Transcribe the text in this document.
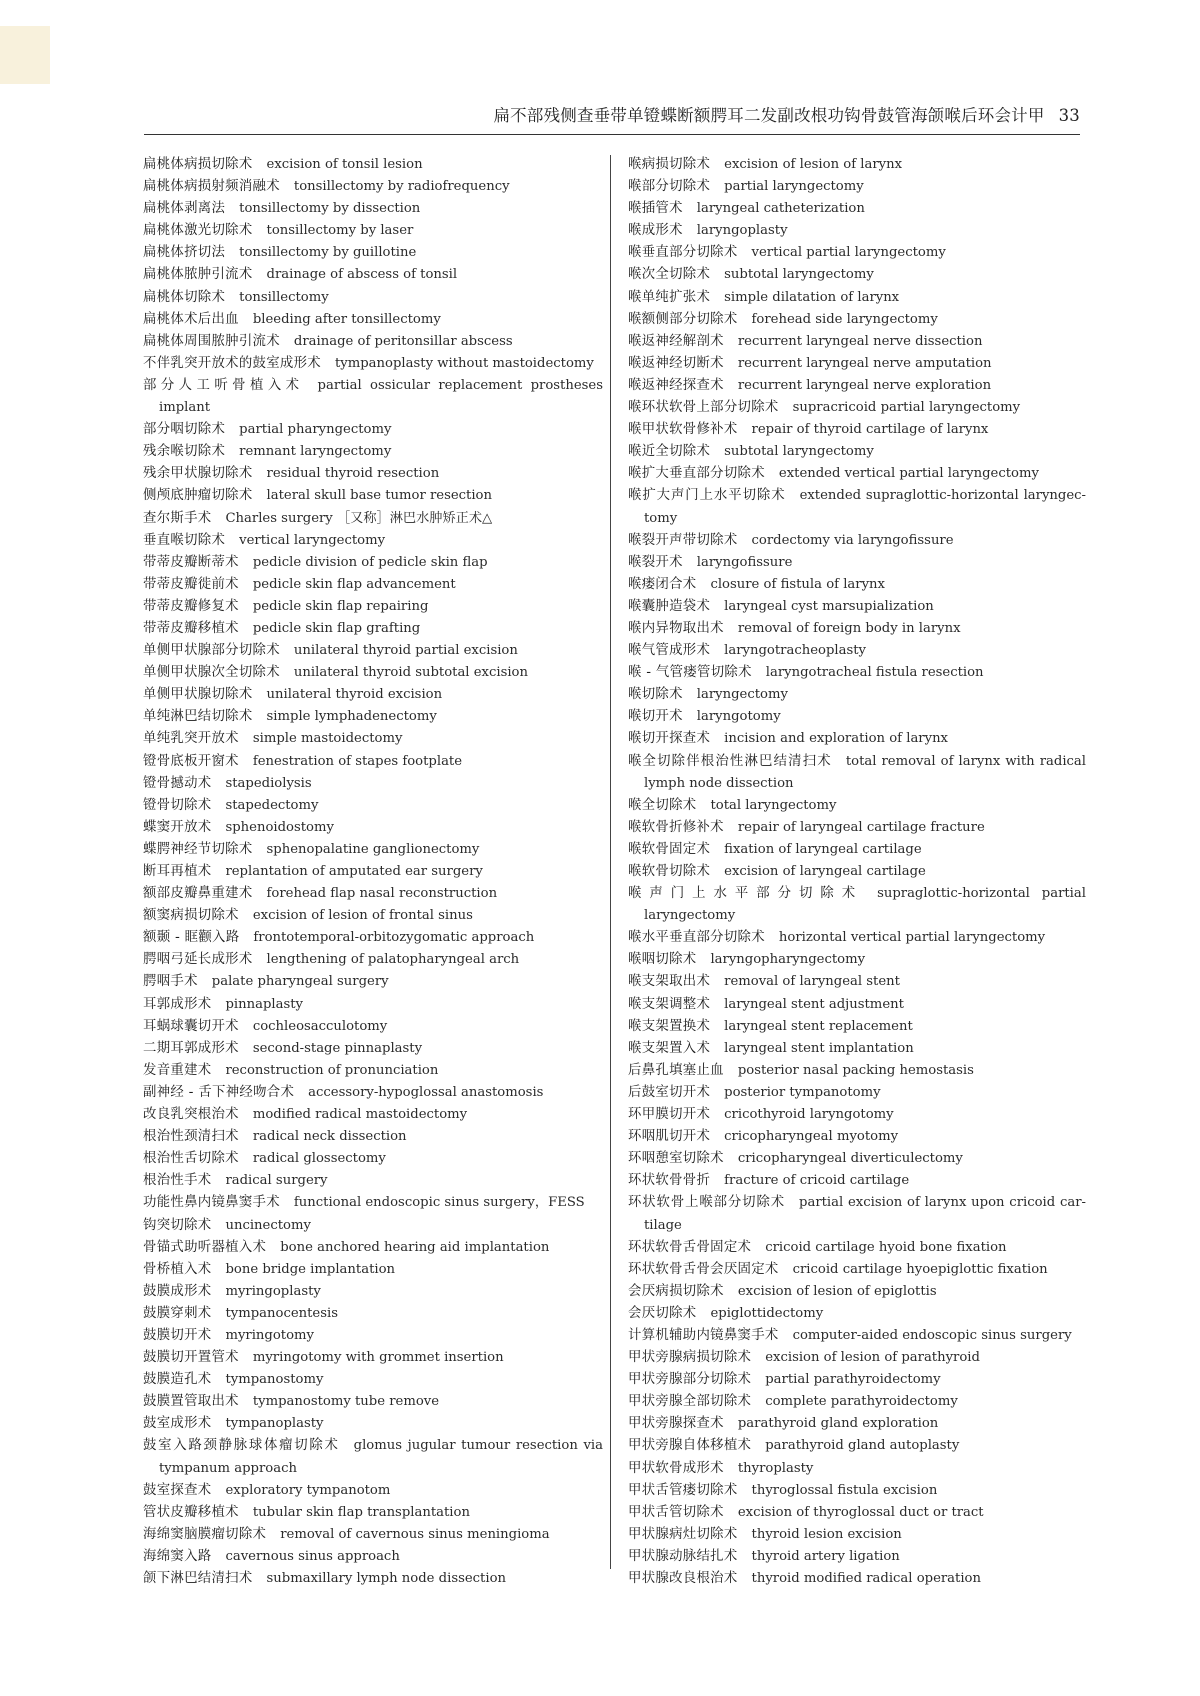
扁不部残侧查垂带单镫蝶断额腭耳二发副改根功钩骨鼓管海颌喉后环会计甲 33
扁桃体病损切除术 excision of tonsil lesion
扁桃体病损射频消融术 tonsillectomy by radiofrequency
扁桃体剥离法 tonsillectomy by dissection
扁桃体激光切除术 tonsillectomy by laser
扁桃体挤切法 tonsillectomy by guillotine
扁桃体脓肿引流术 drainage of abscess of tonsil
扁桃体切除术 tonsillectomy
扁桃体术后出血 bleeding after tonsillectomy
扁桃体周围脓肿引流术 drainage of peritonsillar abscess
不伴乳突开放术的鼓室成形术 tympanoplasty without mastoidectomy
部分人工听骨植入术 partial ossicular replacement prostheses implant
部分咽切除术 partial pharyngectomy
残余喉切除术 remnant laryngectomy
残余甲状腺切除术 residual thyroid resection
侧颅底肿瘤切除术 lateral skull base tumor resection
查尔斯手术 Charles surgery ［又称］淋巴水肿矫正术△
垂直喉切除术 vertical laryngectomy
带蒂皮瓣断蒂术 pedicle division of pedicle skin flap
带蒂皮瓣徙前术 pedicle skin flap advancement
带蒂皮瓣修复术 pedicle skin flap repairing
带蒂皮瓣移植术 pedicle skin flap grafting
单侧甲状腺部分切除术 unilateral thyroid partial excision
单侧甲状腺次全切除术 unilateral thyroid subtotal excision
单侧甲状腺切除术 unilateral thyroid excision
单纯淋巴结切除术 simple lymphadenectomy
单纯乳突开放术 simple mastoidectomy
镫骨底板开窗术 fenestration of stapes footplate
镫骨撼动术 stapediolysis
镫骨切除术 stapedectomy
蝶窦开放术 sphenoidostomy
蝶腭神经节切除术 sphenopalatine ganglionectomy
断耳再植术 replantation of amputated ear surgery
额部皮瓣鼻重建术 forehead flap nasal reconstruction
额窦病损切除术 excision of lesion of frontal sinus
额颞 - 眶颧入路 frontotemporal-orbitozygomatic approach
腭咽弓延长成形术 lengthening of palatopharyngeal arch
腭咽手术 palate pharyngeal surgery
耳郭成形术 pinnaplasty
耳蜗球囊切开术 cochleosacculotomy
二期耳郭成形术 second-stage pinnaplasty
发音重建术 reconstruction of pronunciation
副神经 - 舌下神经吻合术 accessory-hypoglossal anastomosis
改良乳突根治术 modified radical mastoidectomy
根治性颈清扫术 radical neck dissection
根治性舌切除术 radical glossectomy
根治性手术 radical surgery
功能性鼻内镜鼻窦手术 functional endoscopic sinus surgery，FESS
钩突切除术 uncinectomy
骨锚式助听器植入术 bone anchored hearing aid implantation
骨桥植入术 bone bridge implantation
鼓膜成形术 myringoplasty
鼓膜穿刺术 tympanocentesis
鼓膜切开术 myringotomy
鼓膜切开置管术 myringotomy with grommet insertion
鼓膜造孔术 tympanostomy
鼓膜置管取出术 tympanostomy tube remove
鼓室成形术 tympanoplasty
鼓室入路颈静脉球体瘤切除术 glomus jugular tumour resection via tympanum approach
鼓室探查术 exploratory tympanotom
管状皮瓣移植术 tubular skin flap transplantation
海绵窦脑膜瘤切除术 removal of cavernous sinus meningioma
海绵窦入路 cavernous sinus approach
颌下淋巴结清扫术 submaxillary lymph node dissection
喉病损切除术 excision of lesion of larynx
喉部分切除术 partial laryngectomy
喉插管术 laryngeal catheterization
喉成形术 laryngoplasty
喉垂直部分切除术 vertical partial laryngectomy
喉次全切除术 subtotal laryngectomy
喉单纯扩张术 simple dilatation of larynx
喉额侧部分切除术 forehead side laryngectomy
喉返神经解剖术 recurrent laryngeal nerve dissection
喉返神经切断术 recurrent laryngeal nerve amputation
喉返神经探查术 recurrent laryngeal nerve exploration
喉环状软骨上部分切除术 supracricoid partial laryngectomy
喉甲状软骨修补术 repair of thyroid cartilage of larynx
喉近全切除术 subtotal laryngectomy
喉扩大垂直部分切除术 extended vertical partial laryngectomy
喉扩大声门上水平切除术 extended supraglottic-horizontal laryngec-tomy
喉裂开声带切除术 cordectomy via laryngofissure
喉裂开术 laryngofissure
喉瘘闭合术 closure of fistula of larynx
喉囊肿造袋术 laryngeal cyst marsupialization
喉内异物取出术 removal of foreign body in larynx
喉气管成形术 laryngotracheoplasty
喉 - 气管瘘管切除术 laryngotracheal fistula resection
喉切除术 laryngectomy
喉切开术 laryngotomy
喉切开探查术 incision and exploration of larynx
喉全切除伴根治性淋巴结清扫术 total removal of larynx with radical lymph node dissection
喉全切除术 total laryngectomy
喉软骨折修补术 repair of laryngeal cartilage fracture
喉软骨固定术 fixation of laryngeal cartilage
喉软骨切除术 excision of laryngeal cartilage
喉声门上水平部分切除术 supraglottic-horizontal partial laryngectomy
喉水平垂直部分切除术 horizontal vertical partial laryngectomy
喉咽切除术 laryngopharyngectomy
喉支架取出术 removal of laryngeal stent
喉支架调整术 laryngeal stent adjustment
喉支架置换术 laryngeal stent replacement
喉支架置入术 laryngeal stent implantation
后鼻孔填塞止血 posterior nasal packing hemostasis
后鼓室切开术 posterior tympanotomy
环甲膜切开术 cricothyroid laryngotomy
环咽肌切开术 cricopharyngeal myotomy
环咽憩室切除术 cricopharyngeal diverticulectomy
环状软骨骨折 fracture of cricoid cartilage
环状软骨上喉部分切除术 partial excision of larynx upon cricoid car-tilage
环状软骨舌骨固定术 cricoid cartilage hyoid bone fixation
环状软骨舌骨会厌固定术 cricoid cartilage hyoepiglottic fixation
会厌病损切除术 excision of lesion of epiglottis
会厌切除术 epiglottidectomy
计算机辅助内镜鼻窦手术 computer-aided endoscopic sinus surgery
甲状旁腺病损切除术 excision of lesion of parathyroid
甲状旁腺部分切除术 partial parathyroidectomy
甲状旁腺全部切除术 complete parathyroidectomy
甲状旁腺探查术 parathyroid gland exploration
甲状旁腺自体移植术 parathyroid gland autoplasty
甲状软骨成形术 thyroplasty
甲状舌管瘘切除术 thyroglossal fistula excision
甲状舌管切除术 excision of thyroglossal duct or tract
甲状腺病灶切除术 thyroid lesion excision
甲状腺动脉结扎术 thyroid artery ligation
甲状腺改良根治术 thyroid modified radical operation
